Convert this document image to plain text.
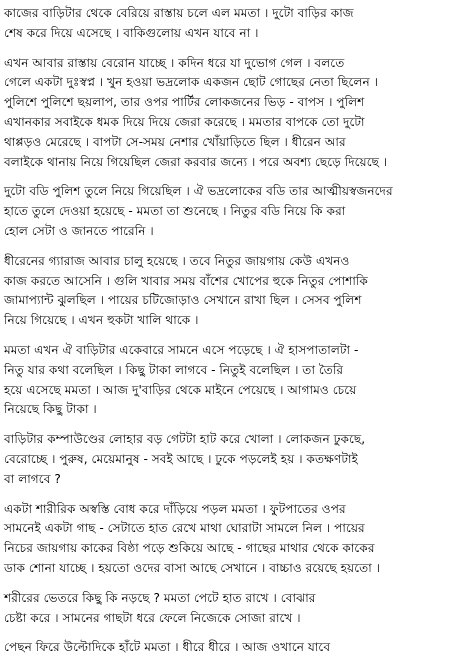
কাজের বাড়িটার থেকে বেরিয়ে রাস্তায় চলে এল মমতা । দুটো বাড়ির কাজ
শেষ করে দিয়ে এসেছে । বাকিগুলোয় এখন যাবে না ।
এখন আবার রাস্তায় বেরোন যাচ্ছে । কদিন ধরে যা দুভোগ গেল । বলতে
গেলে একটা দুঃস্বপ্ন । খুন হওয়া ভদ্রলোক একজন ছোট গোছের নেতা ছিলেন ।
পুলিশে পুলিশে ছয়লাপ, তার ওপর পার্টির লোকজনের ভিড় - বাপস । পুলিশ
এখানকার সবাইকে ধমক দিয়ে দিয়ে জেরা করেছে । মমতার বাপকে তো দুটো
থাপ্পড়ও মেরেছে । বাপটা সে-সময় নেশার খোঁয়াড়িতে ছিল । ধীরেন আর
বলাইকে থানায় নিয়ে গিয়েছিল জেরা করবার জন্যে । পরে অবশ্য ছেড়ে দিয়েছে ।
দুটো বডি পুলিশ তুলে নিয়ে গিয়েছিল । ঐ ভদ্রলোকের বডি তার আত্মীয়স্বজনদের
হাতে তুলে দেওয়া হয়েছে - মমতা তা শুনেছে । নিতুর বডি নিয়ে কি করা
হোল সেটা ও জানতে পারেনি ।
ধীরেনের গ্যারাজ আবার চালু হয়েছে । তবে নিতুর জায়গায় কেউ এখনও
কাজ করতে আসেনি । গুলি খাবার সময় বাঁশের খোপের হুকে নিতুর পোশাকি
জামাপ্যান্ট ঝুলছিল । পায়ের চটিজোড়াও সেখানে রাখা ছিল । সেসব পুলিশ
নিয়ে গিয়েছে । এখন হুকটা খালি থাকে ।
মমতা এখন ঐ বাড়িটার একেবারে সামনে এসে পড়েছে । ঐ হাসপাতালটা -
নিতু যার কথা বলেছিল । কিছু টাকা লাগবে - নিতুই বলেছিল । তা তৈরি
হয়ে এসেছে মমতা । আজ দু'বাড়ির থেকে মাইনে পেয়েছে । আগামও চেয়ে
নিয়েছে কিছু টাকা ।
বাড়িটার কম্পাউণ্ডের লোহার বড় গেটটা হাট করে খোলা । লোকজন ঢুকছে,
বেরোচ্ছে । পুরুষ, মেয়েমানুষ - সবই আছে । ঢুকে পড়লেই হয় । কতক্ষণটাই
বা লাগবে ?
একটা শারীরিক অস্বস্তি বোধ করে দাঁড়িয়ে পড়ল মমতা । ফুটপাতের ওপর
সামনেই একটা গাছ - সেটাতে হাত রেখে মাথা ঘোরাটা সামলে নিল । পায়ের
নিচের জায়গায় কাকের বিষ্ঠা পড়ে শুকিয়ে আছে - গাছের মাথার থেকে কাকের
ডাক শোনা যাচ্ছে । হয়তো ওদের বাসা আছে সেখানে । বাচ্চাও রয়েছে হয়তো ।
শরীরের ভেতরে কিছু কি নড়ছে ? মমতা পেটে হাত রাখে । বোঝার
চেষ্টা করে । সামনের গাছটা ধরে ফেলে নিজেকে সোজা রাখে ।
পেছন ফিরে উল্টোদিকে হাঁটে মমতা । ধীরে ধীরে । আজ ওখানে যাবে
